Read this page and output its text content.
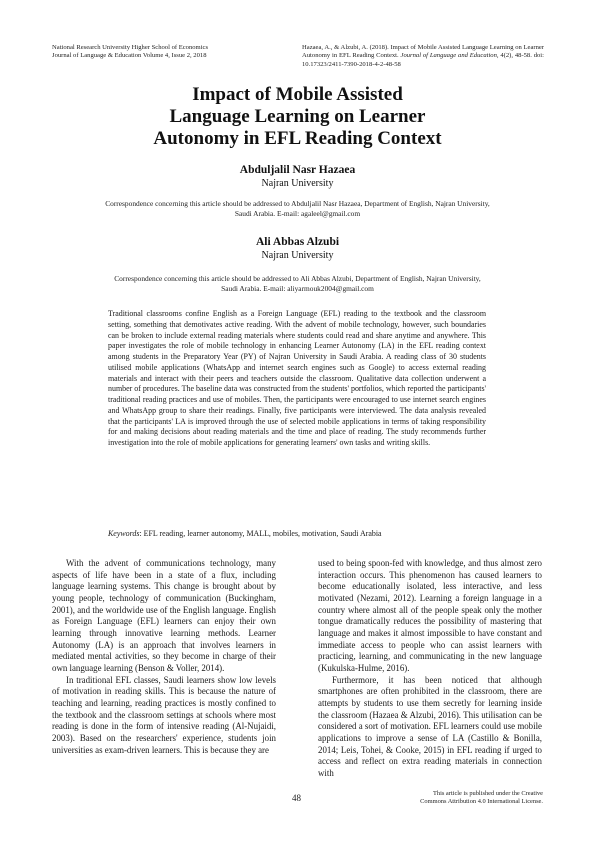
National Research University Higher School of Economics
Journal of Language & Education Volume 4, Issue 2, 2018
Hazaea, A., & Alzubi, A. (2018). Impact of Mobile Assisted Language Learning on Learner Autonomy in EFL Reading Context. Journal of Language and Education, 4(2), 48-58. doi: 10.17323/2411-7390-2018-4-2-48-58
Impact of Mobile Assisted
Language Learning on Learner
Autonomy in EFL Reading Context
Abduljalil Nasr Hazaea
Najran University
Correspondence concerning this article should be addressed to Abduljalil Nasr Hazaea, Department of English, Najran University, Saudi Arabia. E-mail: agaleel@gmail.com
Ali Abbas Alzubi
Najran University
Correspondence concerning this article should be addressed to Ali Abbas Alzubi, Department of English, Najran University, Saudi Arabia. E-mail: aliyarmouk2004@gmail.com
Traditional classrooms confine English as a Foreign Language (EFL) reading to the textbook and the classroom setting, something that demotivates active reading. With the advent of mobile technology, however, such boundaries can be broken to include external reading materials where students could read and share anytime and anywhere. This paper investigates the role of mobile technology in enhancing Learner Autonomy (LA) in the EFL reading context among students in the Preparatory Year (PY) of Najran University in Saudi Arabia. A reading class of 30 students utilised mobile applications (WhatsApp and internet search engines such as Google) to access external reading materials and interact with their peers and teachers outside the classroom. Qualitative data collection underwent a number of procedures. The baseline data was constructed from the students' portfolios, which reported the participants' traditional reading practices and use of mobiles. Then, the participants were encouraged to use internet search engines and WhatsApp group to share their readings. Finally, five participants were interviewed. The data analysis revealed that the participants' LA is improved through the use of selected mobile applications in terms of taking responsibility for and making decisions about reading materials and the time and place of reading. The study recommends further investigation into the role of mobile applications for generating learners' own tasks and writing skills.
Keywords: EFL reading, learner autonomy, MALL, mobiles, motivation, Saudi Arabia

With the advent of communications technology, many aspects of life have been in a state of a flux, including language learning systems. This change is brought about by young people, technology of communication (Buckingham, 2001), and the worldwide use of the English language. English as Foreign Language (EFL) learners can enjoy their own learning through innovative learning methods. Learner Autonomy (LA) is an approach that involves learners in mediated mental activities, so they become in charge of their own language learning (Benson & Voller, 2014).

In traditional EFL classes, Saudi learners show low levels of motivation in reading skills. This is because the nature of teaching and learning, reading practices is mostly confined to the textbook and the classroom settings at schools where most reading is done in the form of intensive reading (Al-Nujaidi, 2003). Based on the researchers' experience, students join universities as exam-driven learners. This is because they are

used to being spoon-fed with knowledge, and thus almost zero interaction occurs. This phenomenon has caused learners to become educationally isolated, less interactive, and less motivated (Nezami, 2012). Learning a foreign language in a country where almost all of the people speak only the mother tongue dramatically reduces the possibility of mastering that language and makes it almost impossible to have constant and immediate access to people who can assist learners with practicing, learning, and communicating in the new language (Kukulska-Hulme, 2016).

Furthermore, it has been noticed that although smartphones are often prohibited in the classroom, there are attempts by students to use them secretly for learning inside the classroom (Hazaea & Alzubi, 2016). This utilisation can be considered a sort of motivation. EFL learners could use mobile applications to improve a sense of LA (Castillo & Bonilla, 2014; Leis, Tohei, & Cooke, 2015) in EFL reading if urged to access and reflect on extra reading materials in connection with

48	This article is published under the Creative
Commons Attribution 4.0 International License.
